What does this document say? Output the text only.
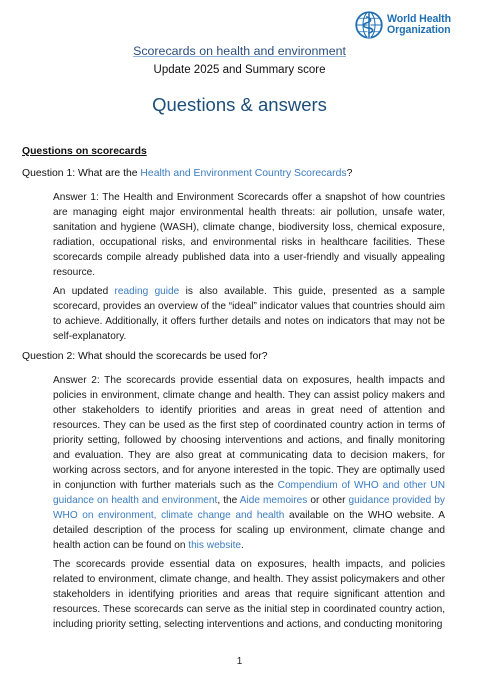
World Health
Organization
Scorecards on health and environment
Update 2025 and Summary score
Questions & answers
Questions on scorecards
Question 1: What are the Health and Environment Country Scorecards?
Answer 1: The Health and Environment Scorecards offer a snapshot of how countries are managing eight major environmental health threats: air pollution, unsafe water, sanitation and hygiene (WASH), climate change, biodiversity loss, chemical exposure, radiation, occupational risks, and environmental risks in healthcare facilities. These scorecards compile already published data into a user-friendly and visually appealing resource.
An updated reading guide is also available. This guide, presented as a sample scorecard, provides an overview of the “ideal” indicator values that countries should aim to achieve. Additionally, it offers further details and notes on indicators that may not be self-explanatory.
Question 2: What should the scorecards be used for?
Answer 2: The scorecards provide essential data on exposures, health impacts and policies in environment, climate change and health. They can assist policy makers and other stakeholders to identify priorities and areas in great need of attention and resources. They can be used as the first step of coordinated country action in terms of priority setting, followed by choosing interventions and actions, and finally monitoring and evaluation. They are also great at communicating data to decision makers, for working across sectors, and for anyone interested in the topic. They are optimally used in conjunction with further materials such as the Compendium of WHO and other UN guidance on health and environment, the Aide memoires or other guidance provided by WHO on environment, climate change and health available on the WHO website. A detailed description of the process for scaling up environment, climate change and health action can be found on this website.
The scorecards provide essential data on exposures, health impacts, and policies related to environment, climate change, and health. They assist policymakers and other stakeholders in identifying priorities and areas that require significant attention and resources. These scorecards can serve as the initial step in coordinated country action, including priority setting, selecting interventions and actions, and conducting monitoring
1
